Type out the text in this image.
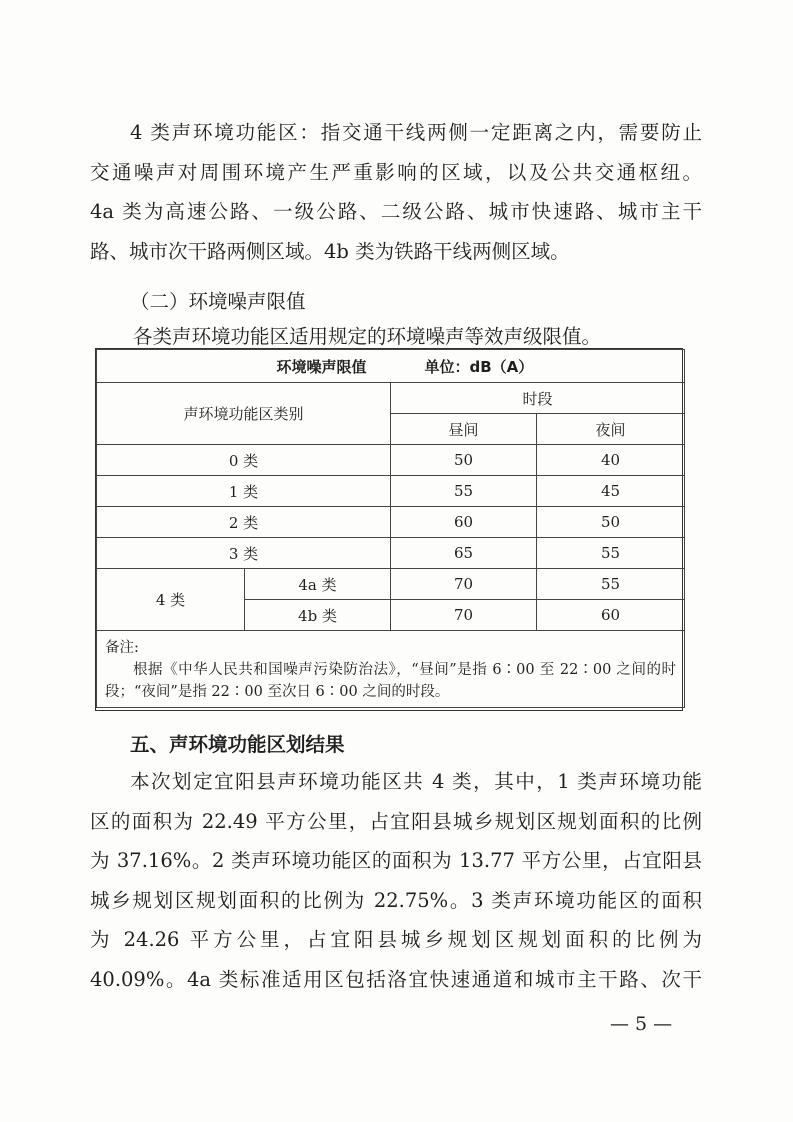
4 类声环境功能区：指交通干线两侧一定距离之内，需要防止
交通噪声对周围环境产生严重影响的区域，以及公共交通枢纽。
4a 类为高速公路、一级公路、二级公路、城市快速路、城市主干
路、城市次干路两侧区域。4b 类为铁路干线两侧区域。
（二）环境噪声限值
各类声环境功能区适用规定的环境噪声等效声级限值。
环境噪声限值		单位：dB（A）	
声环境功能区类别		时段	
		昼间	夜间
0 类		50	40
1 类		55	45
2 类		60	50
3 类		65	55
4 类	4a 类	70	55
	4b 类	70	60

备注:
根据《中华人民共和国噪声污染防治法》，“昼间”是指 6∶00 至 22∶00 之间的时段；“夜间”是指 22∶00 至次日 6∶00 之间的时段。			
五、声环境功能区划结果
本次划定宜阳县声环境功能区共 4 类，其中，1 类声环境功能
区的面积为 22.49 平方公里，占宜阳县城乡规划区规划面积的比例
为 37.16%。2 类声环境功能区的面积为 13.77 平方公里，占宜阳县
城乡规划区规划面积的比例为 22.75%。3 类声环境功能区的面积
为 24.26 平方公里，占宜阳县城乡规划区规划面积的比例为
40.09%。4a 类标准适用区包括洛宜快速通道和城市主干路、次干
— 5 —
